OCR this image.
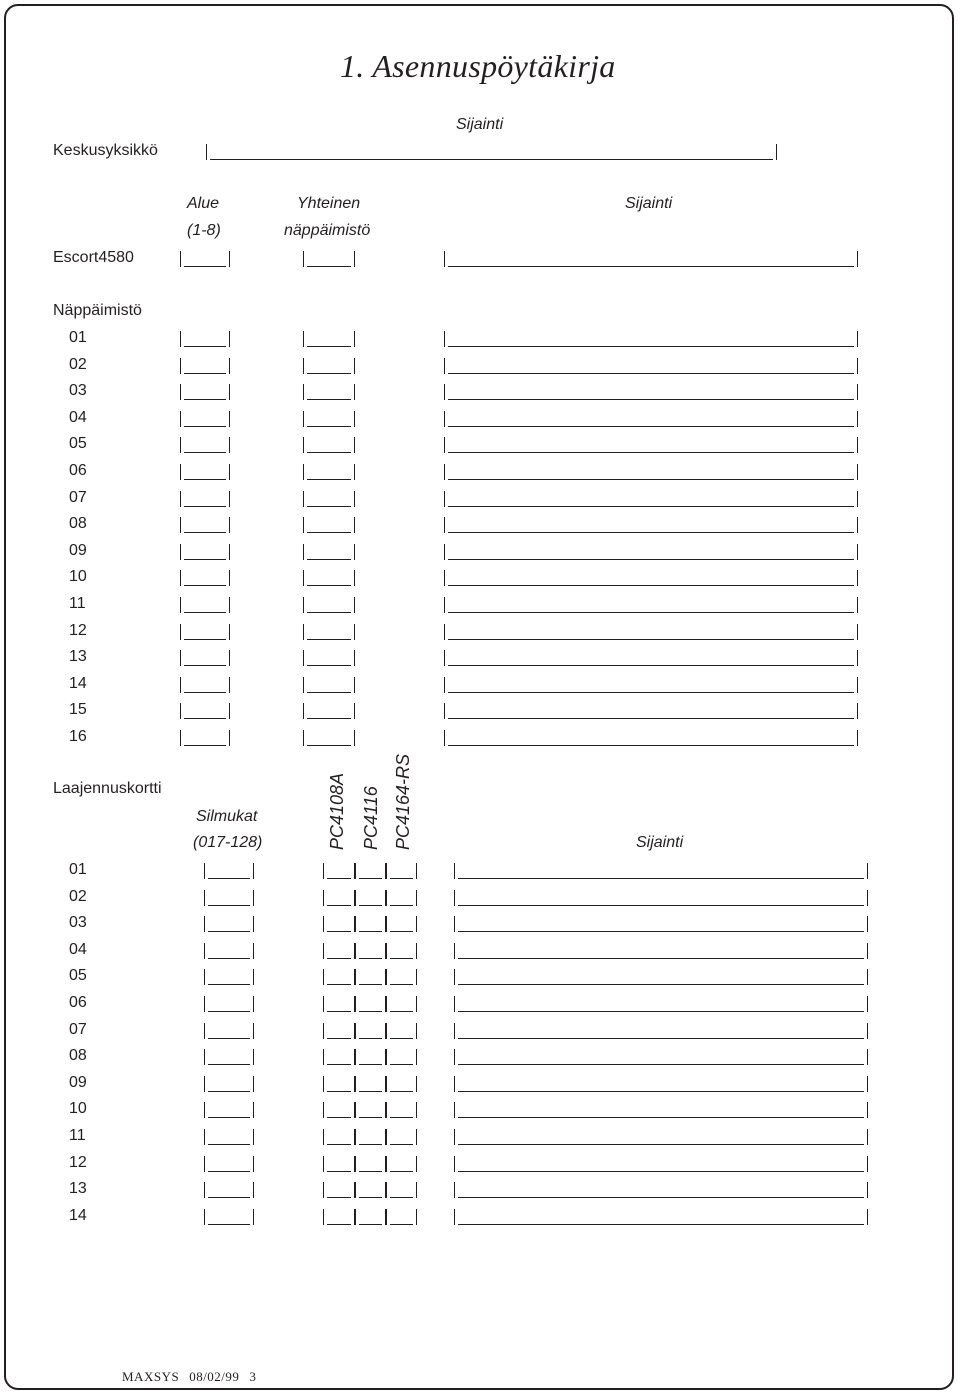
1. Asennuspöytäkirja
Sijainti
Keskusyksikkö
Alue
(1-8)
Yhteinen
näppäimistö
Sijainti
Escort4580
Näppäimistö
01
02
03
04
05
06
07
08
09
10
11
12
13
14
15
16
Laajennuskortti
Silmukat
(017-128)	PC4108A PC4116 PC4164-RS	Sijainti
01
02
03
04
05
06
07
08
09
10
11
12
13
14
MAXSYS 08/02/99 3
